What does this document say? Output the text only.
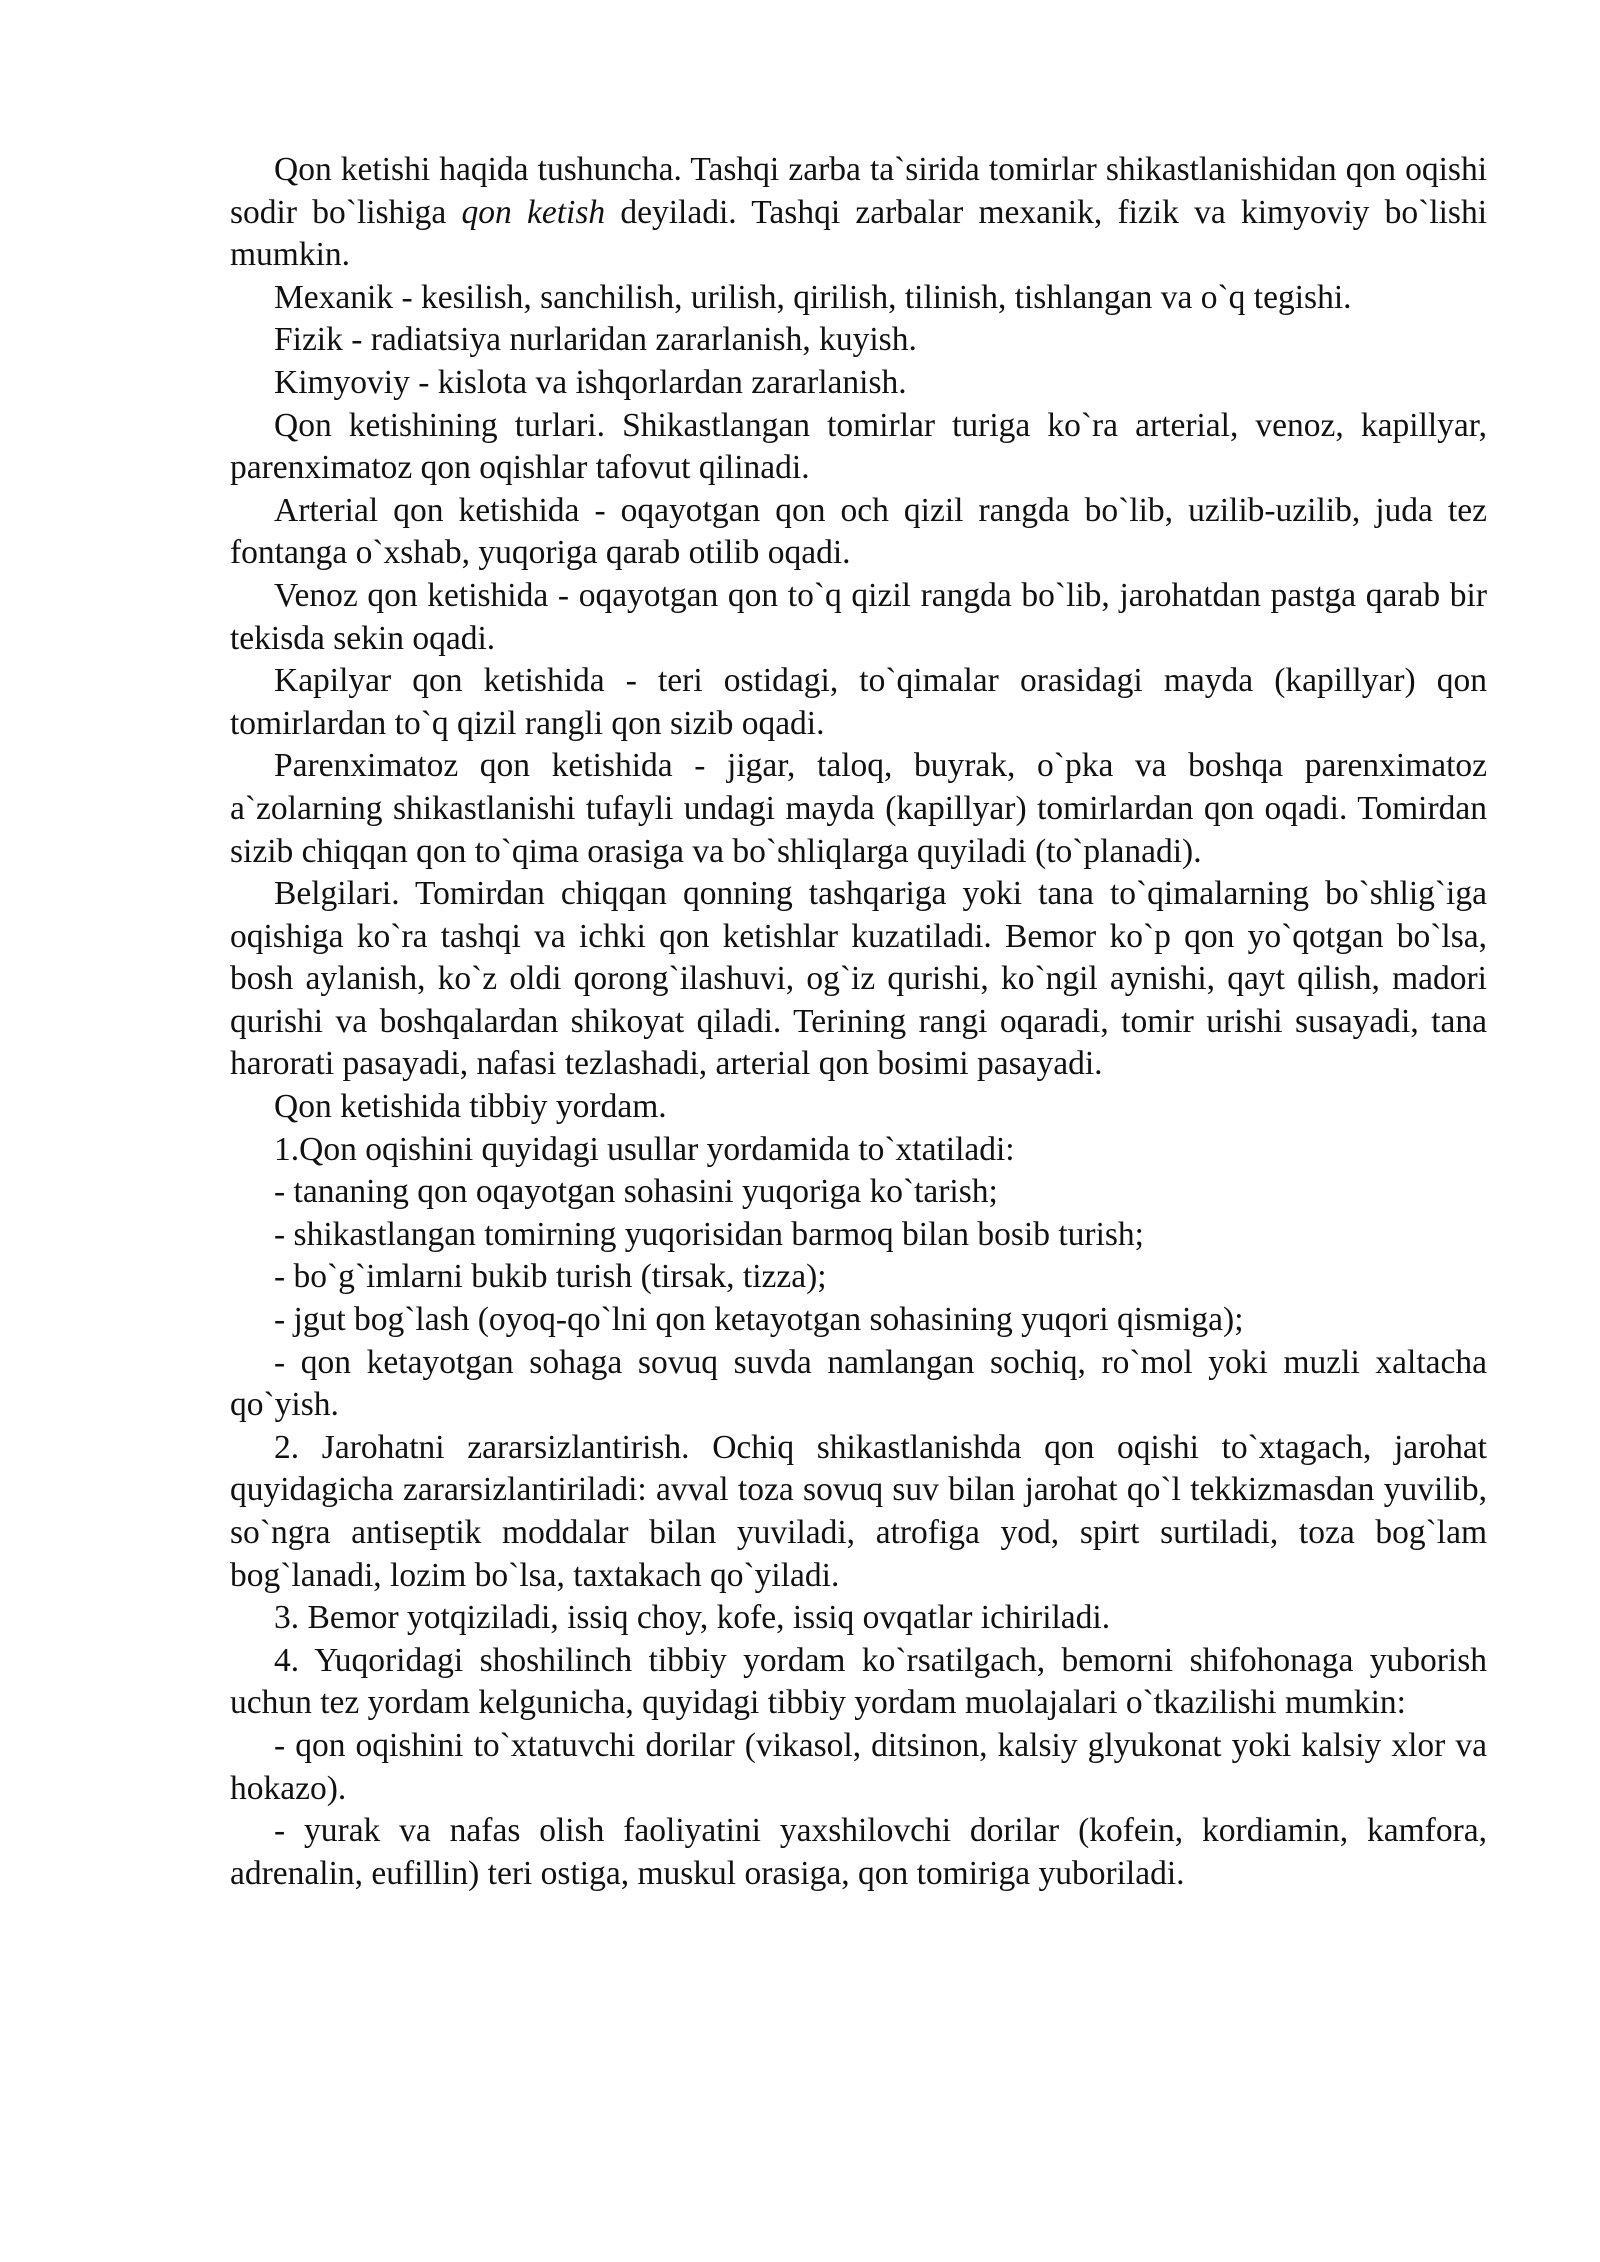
Qon ketishi haqida tushuncha. Tashqi zarba ta`sirida tomirlar shikastlanishidan qon oqishi sodir bo`lishiga qon ketish deyiladi. Tashqi zarbalar mexanik, fizik va kimyoviy bo`lishi mumkin.

Mexanik - kesilish, sanchilish, urilish, qirilish, tilinish, tishlangan va o`q tegishi.

Fizik - radiatsiya nurlaridan zararlanish, kuyish.

Kimyoviy - kislota va ishqorlardan zararlanish.

Qon ketishining turlari. Shikastlangan tomirlar turiga ko`ra arterial, venoz, kapillyar, parenximatoz qon oqishlar tafovut qilinadi.

Arterial qon ketishida - oqayotgan qon och qizil rangda bo`lib, uzilib-uzilib, juda tez fontanga o`xshab, yuqoriga qarab otilib oqadi.

Venoz qon ketishida - oqayotgan qon to`q qizil rangda bo`lib, jarohatdan pastga qarab bir tekisda sekin oqadi.

Kapilyar qon ketishida - teri ostidagi, to`qimalar orasidagi mayda (kapillyar) qon tomirlardan to`q qizil rangli qon sizib oqadi.

Parenximatoz qon ketishida - jigar, taloq, buyrak, o`pka va boshqa parenximatoz a`zolarning shikastlanishi tufayli undagi mayda (kapillyar) tomirlardan qon oqadi. Tomirdan sizib chiqqan qon to`qima orasiga va bo`shliqlarga quyiladi (to`planadi).

Belgilari. Tomirdan chiqqan qonning tashqariga yoki tana to`qimalarning bo`shlig`iga oqishiga ko`ra tashqi va ichki qon ketishlar kuzatiladi. Bemor ko`p qon yo`qotgan bo`lsa, bosh aylanish, ko`z oldi qorong`ilashuvi, og`iz qurishi, ko`ngil aynishi, qayt qilish, madori qurishi va boshqalardan shikoyat qiladi. Terining rangi oqaradi, tomir urishi susayadi, tana harorati pasayadi, nafasi tezlashadi, arterial qon bosimi pasayadi.

Qon ketishida tibbiy yordam.

1.Qon oqishini quyidagi usullar yordamida to`xtatiladi:

- tananing qon oqayotgan sohasini yuqoriga ko`tarish;

- shikastlangan tomirning yuqorisidan barmoq bilan bosib turish;

- bo`g`imlarni bukib turish (tirsak, tizza);

- jgut bog`lash (oyoq-qo`lni qon ketayotgan sohasining yuqori qismiga);

- qon ketayotgan sohaga sovuq suvda namlangan sochiq, ro`mol yoki muzli xaltacha qo`yish.

2. Jarohatni zararsizlantirish. Ochiq shikastlanishda qon oqishi to`xtagach, jarohat quyidagicha zararsizlantiriladi: avval toza sovuq suv bilan jarohat qo`l tekkizmasdan yuvilib, so`ngra antiseptik moddalar bilan yuviladi, atrofiga yod, spirt surtiladi, toza bog`lam bog`lanadi, lozim bo`lsa, taxtakach qo`yiladi.

3. Bemor yotqiziladi, issiq choy, kofe, issiq ovqatlar ichiriladi.

4. Yuqoridagi shoshilinch tibbiy yordam ko`rsatilgach, bemorni shifohonaga yuborish uchun tez yordam kelgunicha, quyidagi tibbiy yordam muolajalari o`tkazilishi mumkin:

- qon oqishini to`xtatuvchi dorilar (vikasol, ditsinon, kalsiy glyukonat yoki kalsiy xlor va hokazo).

- yurak va nafas olish faoliyatini yaxshilovchi dorilar (kofein, kordiamin, kamfora, adrenalin, eufillin) teri ostiga, muskul orasiga, qon tomiriga yuboriladi.
